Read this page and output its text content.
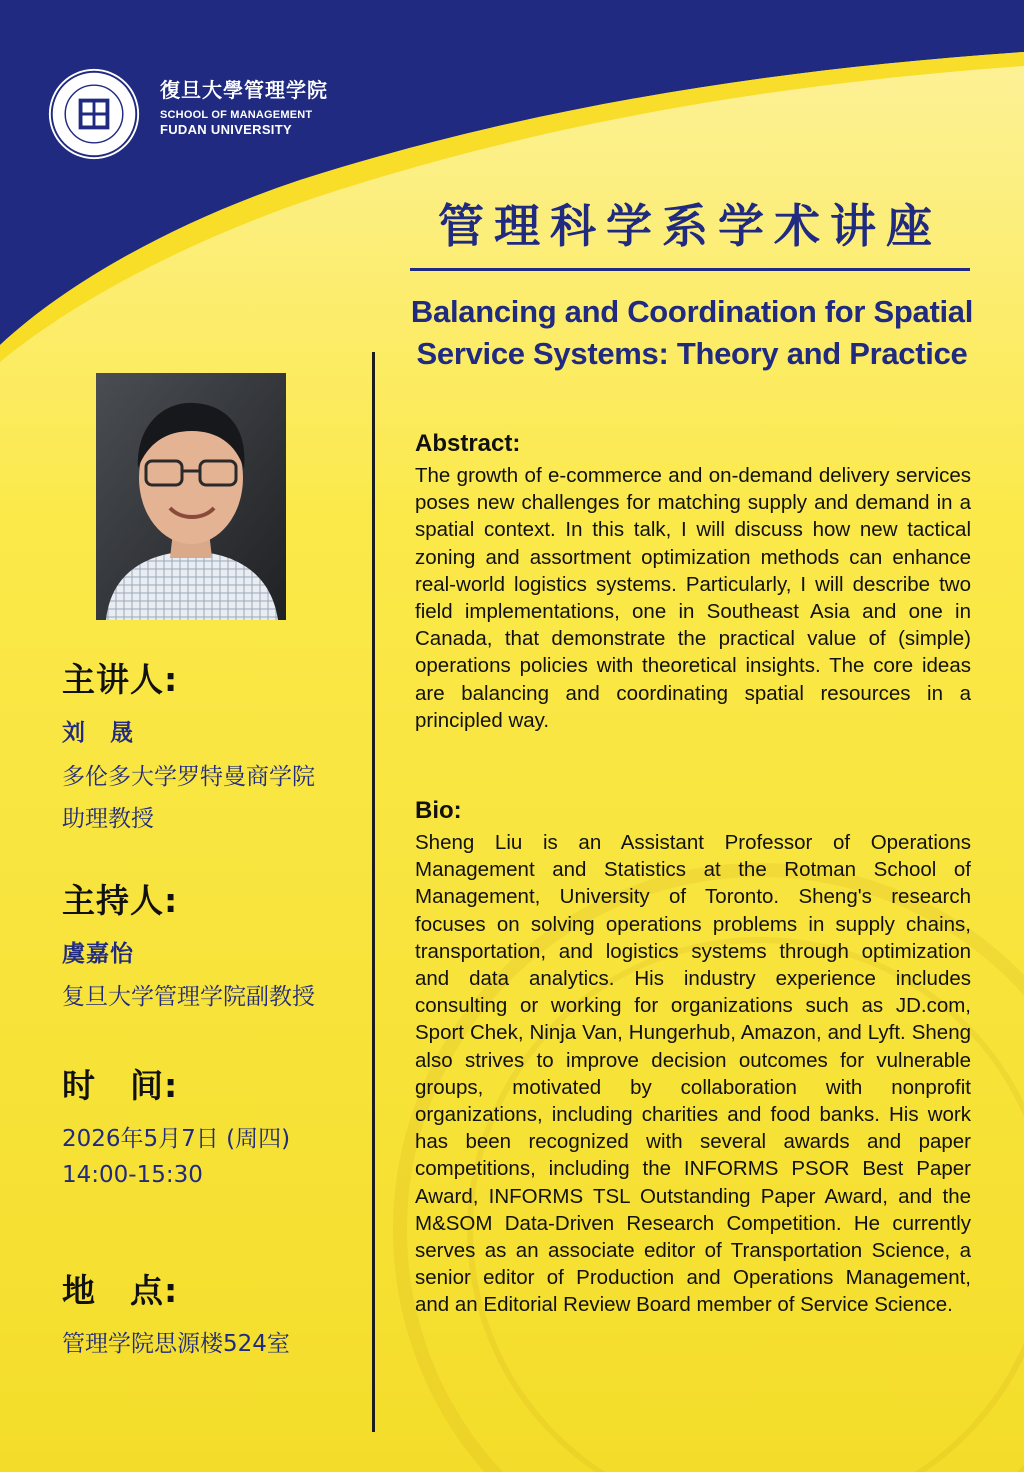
復旦大學管理学院
SCHOOL OF MANAGEMENT
FUDAN UNIVERSITY
管理科学系学术讲座
Balancing and Coordination for Spatial
Service Systems: Theory and Practice
主讲人:
刘　晟
多伦多大学罗特曼商学院
助理教授
主持人:
虞嘉怡
复旦大学管理学院副教授
时　间:
2026年5月7日 (周四)
14:00-15:30
地　点:
管理学院思源楼524室
Abstract:

The growth of e-commerce and on-demand delivery services poses new challenges for matching supply and demand in a spatial context. In this talk, I will discuss how new tactical zoning and assortment optimization methods can enhance real-world logistics systems. Particularly, I will describe two field implementations, one in Southeast Asia and one in Canada, that demonstrate the practical value of (simple) operations policies with theoretical insights. The core ideas are balancing and coordinating spatial resources in a principled way.

Bio:

Sheng Liu is an Assistant Professor of Operations Management and Statistics at the Rotman School of Management, University of Toronto. Sheng's research focuses on solving operations problems in supply chains, transportation, and logistics systems through optimization and data analytics. His industry experience includes consulting or working for organizations such as JD.com, Sport Chek, Ninja Van, Hungerhub, Amazon, and Lyft. Sheng also strives to improve decision outcomes for vulnerable groups, motivated by collaboration with nonprofit organizations, including charities and food banks. His work has been recognized with several awards and paper competitions, including the INFORMS PSOR Best Paper Award, INFORMS TSL Outstanding Paper Award, and the M&SOM Data-Driven Research Competition. He currently serves as an associate editor of Transportation Science, a senior editor of Production and Operations Management, and an Editorial Review Board member of Service Science.
